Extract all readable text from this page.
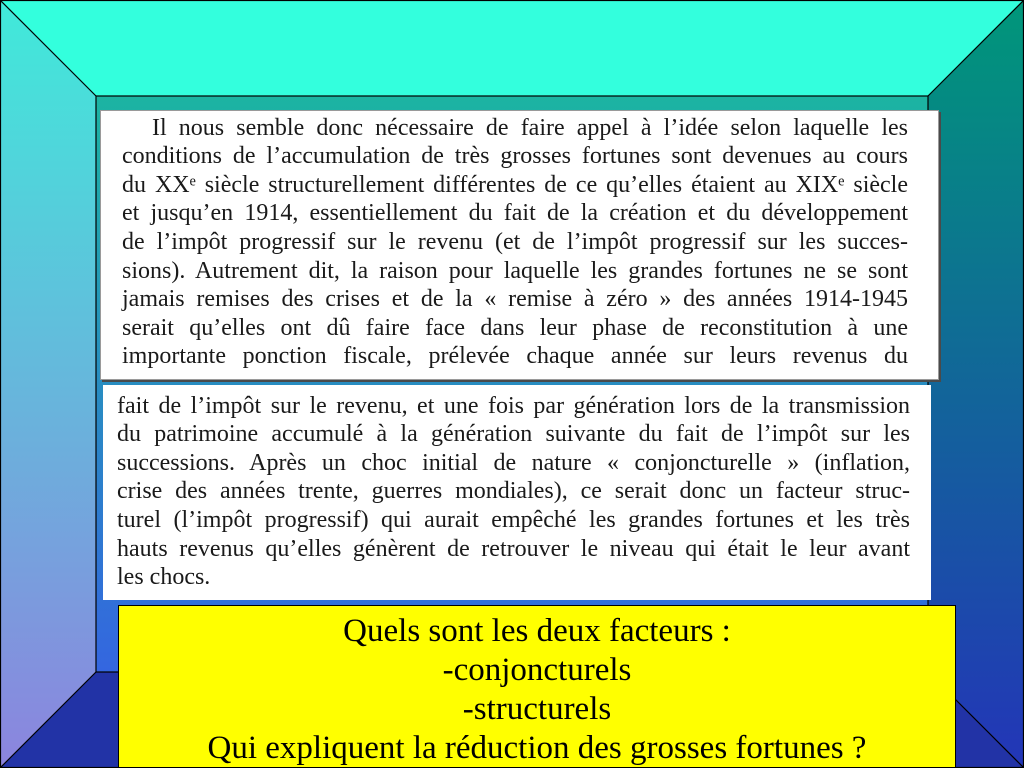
Il nous semble donc nécessaire de faire appel à l’idée selon laquelle les
conditions de l’accumulation de très grosses fortunes sont devenues au cours
du XXᵉ siècle structurellement différentes de ce qu’elles étaient au XIXᵉ siècle
et jusqu’en 1914, essentiellement du fait de la création et du développement
de l’impôt progressif sur le revenu (et de l’impôt progressif sur les succes-
sions). Autrement dit, la raison pour laquelle les grandes fortunes ne se sont
jamais remises des crises et de la « remise à zéro » des années 1914-1945
serait qu’elles ont dû faire face dans leur phase de reconstitution à une
importante ponction fiscale, prélevée chaque année sur leurs revenus du
fait de l’impôt sur le revenu, et une fois par génération lors de la transmission
du patrimoine accumulé à la génération suivante du fait de l’impôt sur les
successions. Après un choc initial de nature « conjoncturelle » (inflation,
crise des années trente, guerres mondiales), ce serait donc un facteur struc-
turel (l’impôt progressif) qui aurait empêché les grandes fortunes et les très
hauts revenus qu’elles génèrent de retrouver le niveau qui était le leur avant
les chocs.
Quels sont les deux facteurs :
-conjoncturels
-structurels
Qui expliquent la réduction des grosses fortunes ?
